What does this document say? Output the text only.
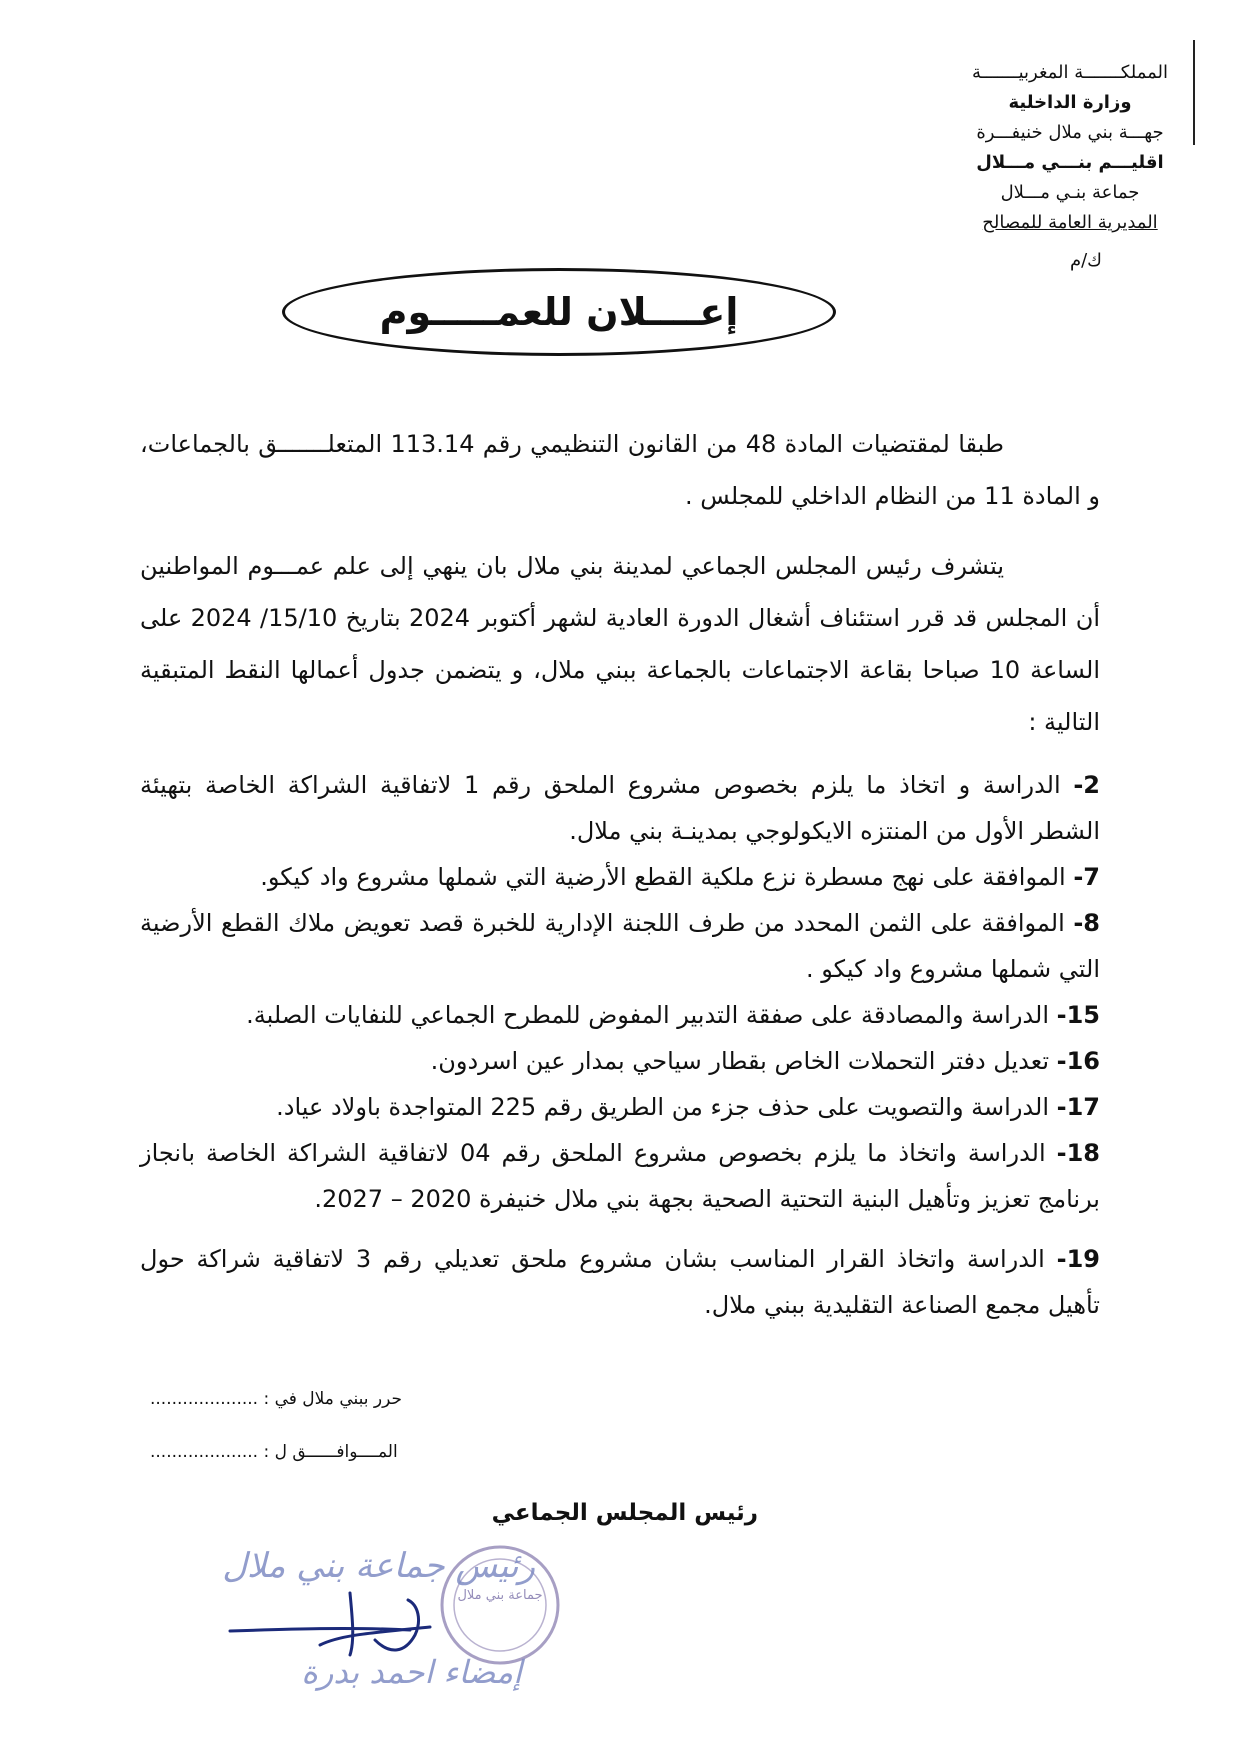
المملكـــــــة المغربيـــــــة
وزارة الداخلية
جهـــة بني ملال خنيفـــرة
اقليـــم بنـــي مـــلال
جماعة بنـي مـــلال
المديرية العامة للمصالح
ك/م
إعــــلان للعمـــــوم

طبقا لمقتضيات المادة 48 من القانون التنظيمي رقم 113.14 المتعلـــــــق بالجماعات، و المادة 11 من النظام الداخلي للمجلس .

يتشرف رئيس المجلس الجماعي لمدينة بني ملال بان ينهي إلى علم عمـــوم المواطنين أن المجلس قد قرر استئناف أشغال الدورة العادية لشهر أكتوبر 2024 بتاريخ 15/10/ 2024 على الساعة 10 صباحا بقاعة الاجتماعات بالجماعة ببني ملال، و يتضمن جدول أعمالها النقط المتبقية التالية :

2- الدراسة و اتخاذ ما يلزم بخصوص مشروع الملحق رقم 1 لاتفاقية الشراكة الخاصة بتهيئة الشطر الأول من المنتزه الايكولوجي بمدينـة بني ملال.

7- الموافقة على نهج مسطرة نزع ملكية القطع الأرضية التي شملها مشروع واد كيكو.

8- الموافقة على الثمن المحدد من طرف اللجنة الإدارية للخبرة قصد تعويض ملاك القطع الأرضية التي شملها مشروع واد كيكو .

15- الدراسة والمصادقة على صفقة التدبير المفوض للمطرح الجماعي للنفايات الصلبة.

16- تعديل دفتر التحملات الخاص بقطار سياحي بمدار عين اسردون.

17- الدراسة والتصويت على حذف جزء من الطريق رقم 225 المتواجدة باولاد عياد.

18- الدراسة واتخاذ ما يلزم بخصوص مشروع الملحق رقم 04 لاتفاقية الشراكة الخاصة بانجاز برنامج تعزيز وتأهيل البنية التحتية الصحية بجهة بني ملال خنيفرة 2020 – 2027.

19- الدراسة واتخاذ القرار المناسب بشان مشروع ملحق تعديلي رقم 3 لاتفاقية شراكة حول تأهيل مجمع الصناعة التقليدية ببني ملال.

حرر ببني ملال في : ....................
المــــوافــــــق ل : ....................
رئيس المجلس الجماعي
جماعة بني ملال
رئيس جماعة بني ملال
إمضاء احمد بدرة
